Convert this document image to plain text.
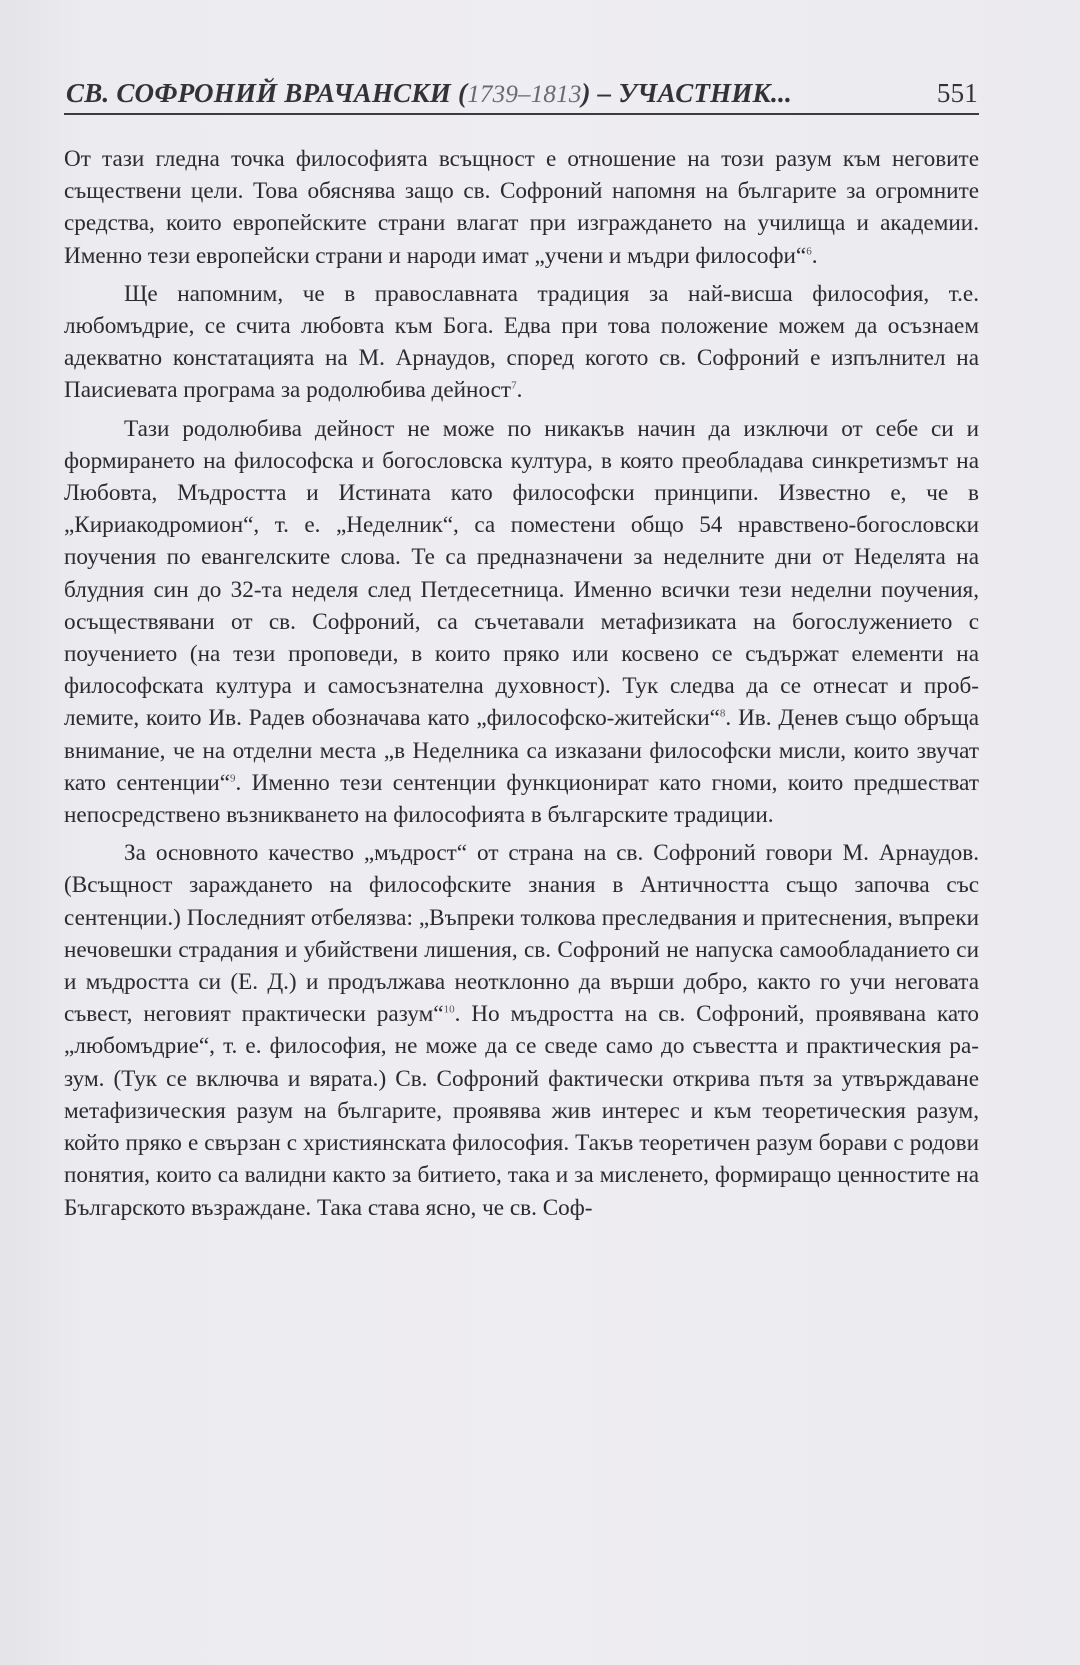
СВ. СОФРОНИЙ ВРАЧАНСКИ (1739–1813) – УЧАСТНИК...	551

От тази гледна точка философията всъщност е отношение на този разум към неговите съществени цели. Това обяснява защо св. Софроний напомня на българите за огромните средства, които европейските страни влагат при изграждането на училища и академии. Именно тези европейски страни и народи имат „учени и мъдри философи“$^6$.

Ще напомним, че в православната традиция за най-висша философия, т.е. любомъдрие, се счита любовта към Бога. Едва при това положение можем да осъзнаем адекватно констатацията на М. Арнаудов, според когото св. Софроний е изпълнител на Паисиевата програма за родолюбива дейност$^7$.

Тази родолюбива дейност не може по никакъв начин да изключи от себе си и формирането на философска и богословска култура, в която преобладава синкретизмът на Любовта, Мъдростта и Истината като философски принципи. Известно е, че в „Кириакодромион“, т. е. „Неделник“, са поместени общо 54 нравствено-богословски поучения по евангелските слова. Те са предназначени за неделните дни от Неделята на блудния син до 32-та неделя след Петдесетница. Именно всички тези неделни поучения, осъществявани от св. Софроний, са съчетавали метафизиката на богослужението с поучението (на тези проповеди, в които пряко или косвено се съдържат елементи на философската култура и самосъзнателна духовност). Тук следва да се отнесат и проблемите, които Ив. Радев обозначава като „философско-житейски“$^8$. Ив. Денев също обръща внимание, че на отделни места „в Неделника са изказани философски мисли, които звучат като сентенции“$^9$. Именно тези сентенции функционират като гноми, които предшестват непосредствено възникването на философията в българските традиции.

За основното качество „мъдрост“ от страна на св. Софроний говори М. Арнаудов. (Всъщност зараждането на философските знания в Античността също започва със сентенции.) Последният отбелязва: „Въпреки толкова преследвания и притеснения, въпреки нечовешки страдания и убийствени лишения, св. Софроний не напуска самообладанието си и мъдростта си (Е. Д.) и продължава неотклонно да върши добро, както го учи неговата съвест, неговият практически разум“$^{10}$. Но мъдростта на св. Софроний, проявявана като „любомъдрие“, т. е. философия, не може да се сведе само до съвестта и практическия разум. (Тук се включва и вярата.) Св. Софроний фактически открива пътя за утвърждаване метафизическия разум на българите, проявява жив интерес и към теоретическия разум, който пряко е свързан с християнската философия. Такъв теоретичен разум борави с родови понятия, които са валидни както за битието, така и за мисленето, формиращо ценностите на Българското възраждане. Така става ясно, че св. Соф-
